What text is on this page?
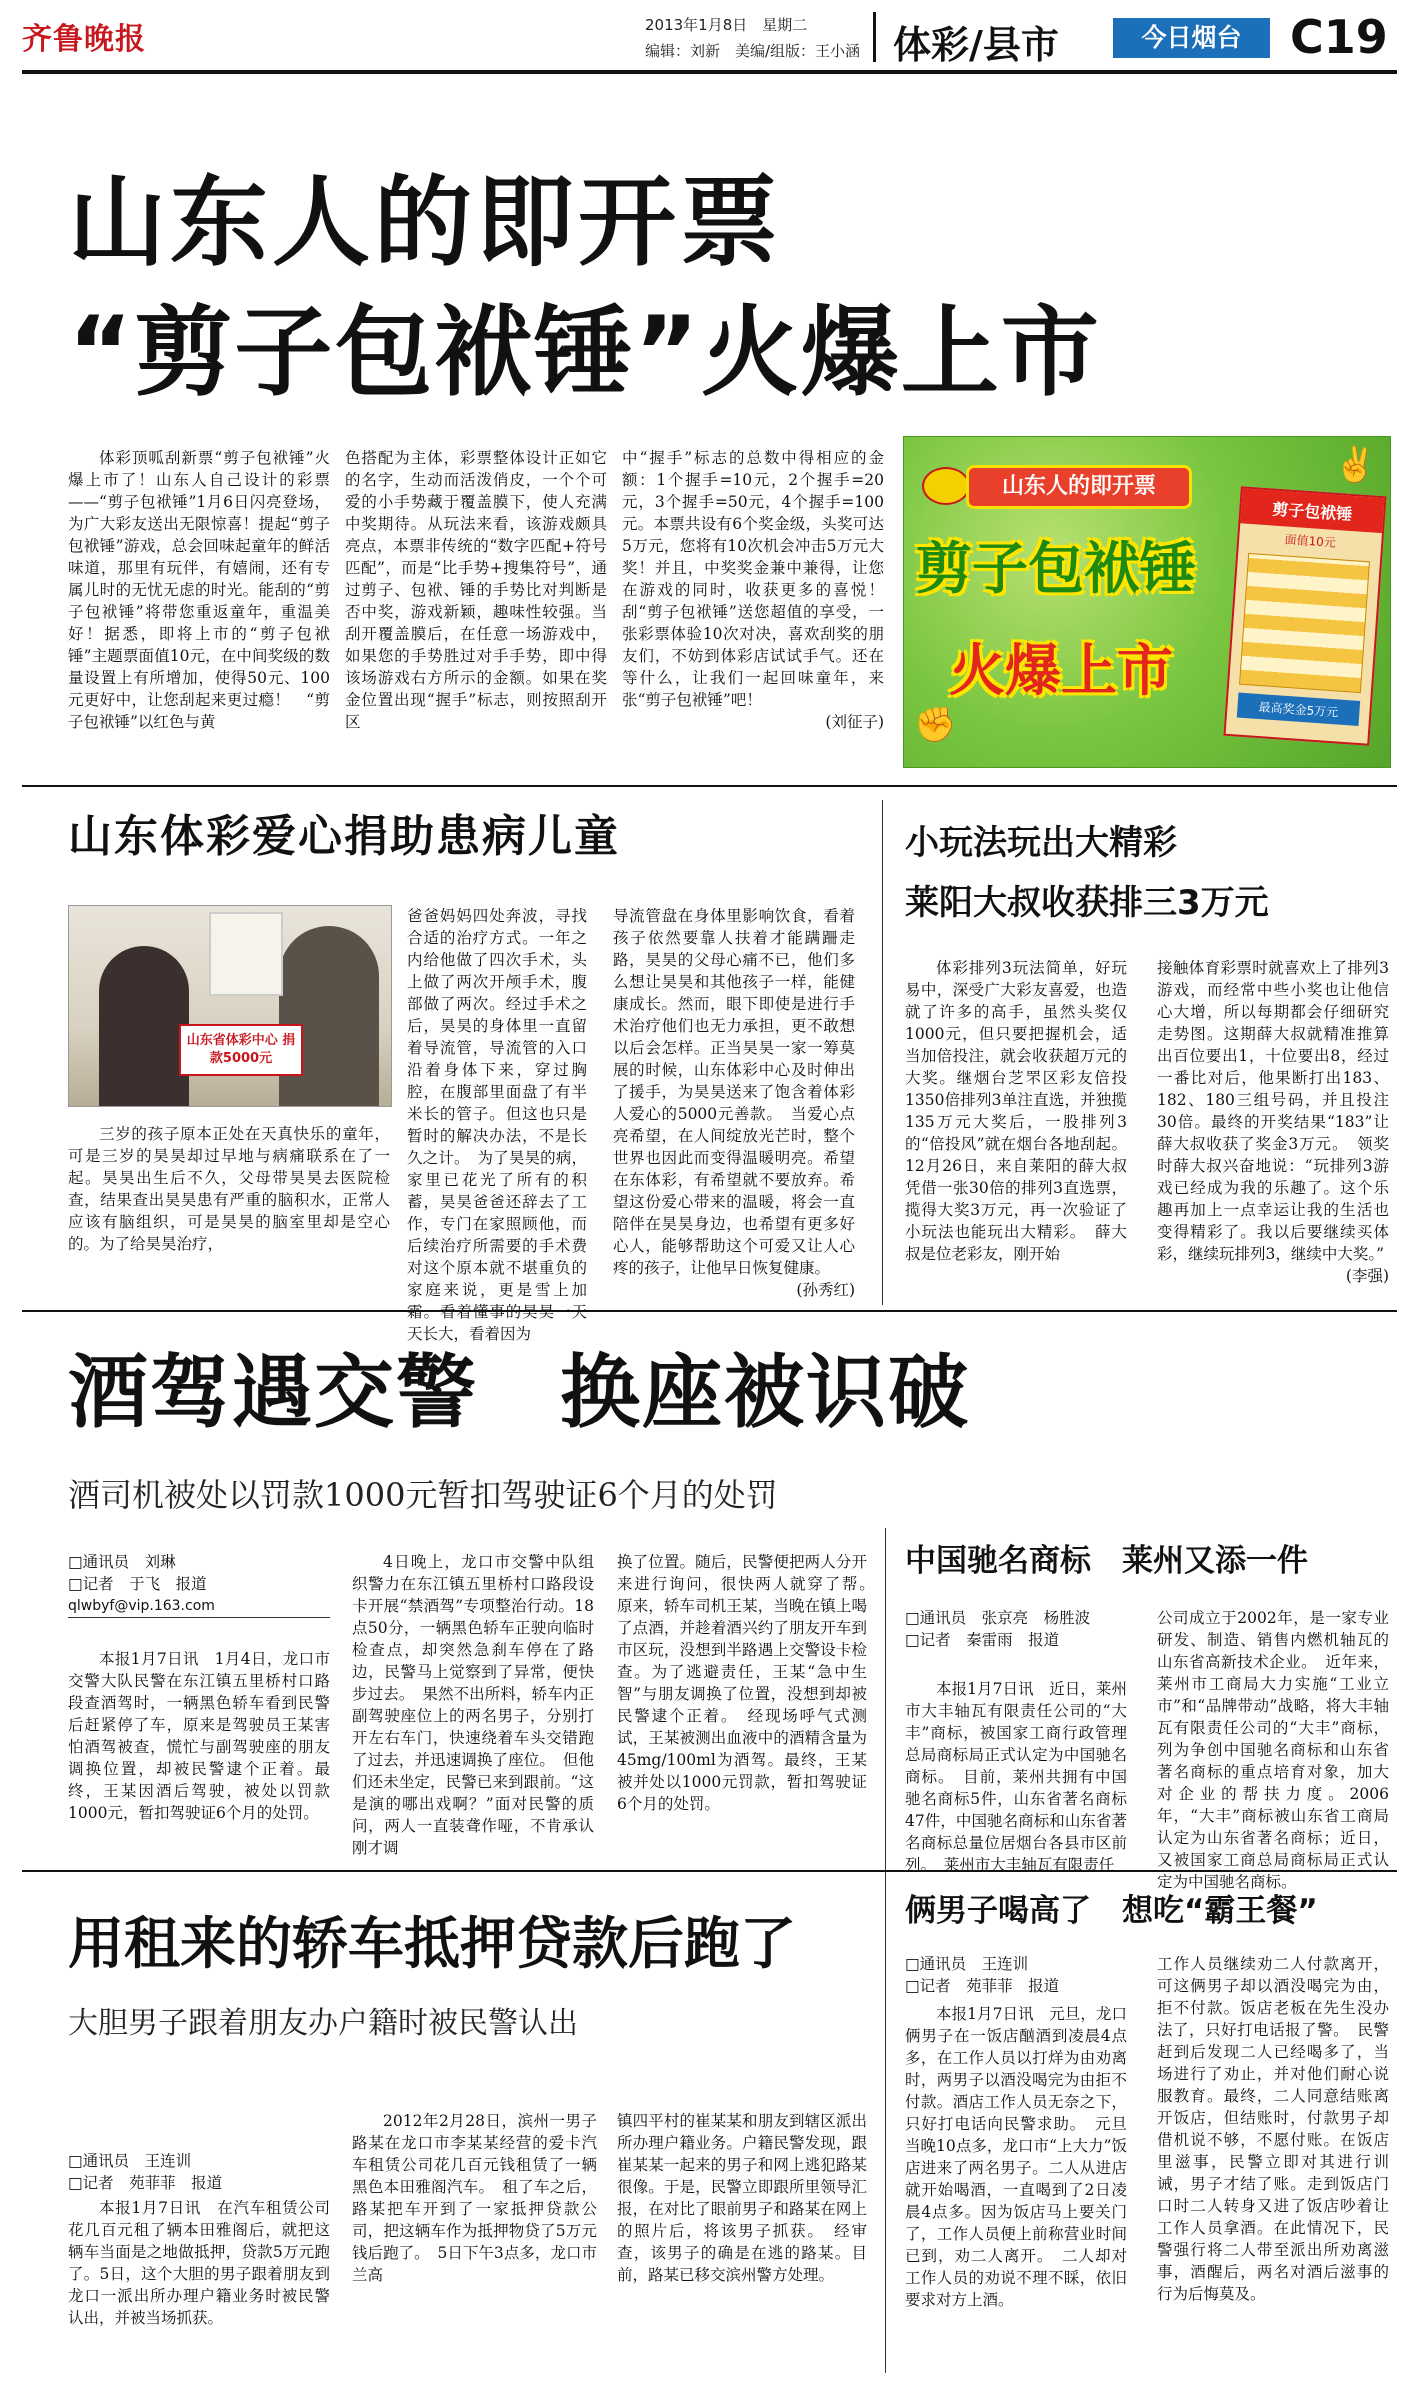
齐鲁晚报	2013年1月8日　星期二
编辑：刘新　美编/组版：王小涵 体彩/县市	今日烟台	C19
山东人的即开票
“剪子包袱锤”火爆上市
体彩顶呱刮新票“剪子包袱锤”火爆上市了！山东人自己设计的彩票——“剪子包袱锤”1月6日闪亮登场，为广大彩友送出无限惊喜！提起“剪子包袱锤”游戏，总会回味起童年的鲜活味道，那里有玩伴，有嬉闹，还有专属儿时的无忧无虑的时光。能刮的“剪子包袱锤”将带您重返童年，重温美好！据悉，即将上市的“剪子包袱锤”主题票面值10元，在中间奖级的数量设置上有所增加，使得50元、100元更好中，让您刮起来更过瘾！　“剪子包袱锤”以红色与黄
色搭配为主体，彩票整体设计正如它的名字，生动而活泼俏皮，一个个可爱的小手势藏于覆盖膜下，使人充满中奖期待。从玩法来看，该游戏颇具亮点，本票非传统的“数字匹配+符号匹配”，而是“比手势+搜集符号”，通过剪子、包袱、锤的手势比对判断是否中奖，游戏新颖，趣味性较强。当刮开覆盖膜后，在任意一场游戏中，如果您的手势胜过对手手势，即中得该场游戏右方所示的金额。如果在奖金位置出现“握手”标志，则按照刮开区
中“握手”标志的总数中得相应的金额：1个握手=10元，2个握手=20元，3个握手=50元，4个握手=100元。本票共设有6个奖金级，头奖可达5万元，您将有10次机会冲击5万元大奖！并且，中奖奖金兼中兼得，让您在游戏的同时，收获更多的喜悦！　刮“剪子包袱锤”送您超值的享受，一张彩票体验10次对决，喜欢刮奖的朋友们，不妨到体彩店试试手气。还在等什么，让我们一起回味童年，来张“剪子包袱锤”吧！
(刘征子)
山东人的即开票
剪子包袱锤
火爆上市
剪子包袱锤
面值10元
最高奖金5万元
✌
✊
山东体彩爱心捐助患病儿童
山东省体彩中心 捐款5000元
三岁的孩子原本正处在天真快乐的童年，可是三岁的昊昊却过早地与病痛联系在了一起。昊昊出生后不久，父母带昊昊去医院检查，结果查出昊昊患有严重的脑积水，正常人应该有脑组织，可是昊昊的脑室里却是空心的。为了给昊昊治疗，
爸爸妈妈四处奔波，寻找合适的治疗方式。一年之内给他做了四次手术，头上做了两次开颅手术，腹部做了两次。经过手术之后，昊昊的身体里一直留着导流管，导流管的入口沿着身体下来，穿过胸腔，在腹部里面盘了有半米长的管子。但这也只是暂时的解决办法，不是长久之计。　为了昊昊的病，家里已花光了所有的积蓄，昊昊爸爸还辞去了工作，专门在家照顾他，而后续治疗所需要的手术费对这个原本就不堪重负的家庭来说，更是雪上加霜。看着懂事的昊昊一天天长大，看着因为
导流管盘在身体里影响饮食，看着孩子依然要靠人扶着才能蹒跚走路，昊昊的父母心痛不已，他们多么想让昊昊和其他孩子一样，能健康成长。然而，眼下即使是进行手术治疗他们也无力承担，更不敢想以后会怎样。正当昊昊一家一筹莫展的时候，山东体彩中心及时伸出了援手，为昊昊送来了饱含着体彩人爱心的5000元善款。　当爱心点亮希望，在人间绽放光芒时，整个世界也因此而变得温暖明亮。希望在东体彩，有希望就不要放弃。希望这份爱心带来的温暖，将会一直陪伴在昊昊身边，也希望有更多好心人，能够帮助这个可爱又让人心疼的孩子，让他早日恢复健康。
(孙秀红)
小玩法玩出大精彩
莱阳大叔收获排三3万元
体彩排列3玩法简单，好玩易中，深受广大彩友喜爱，也造就了许多的高手，虽然头奖仅1000元，但只要把握机会，适当加倍投注，就会收获超万元的大奖。继烟台芝罘区彩友倍投1350倍排列3单注直选，并独揽135万元大奖后，一股排列3的“倍投风”就在烟台各地刮起。12月26日，来自莱阳的薛大叔凭借一张30倍的排列3直选票，揽得大奖3万元，再一次验证了小玩法也能玩出大精彩。　薛大叔是位老彩友，刚开始
接触体育彩票时就喜欢上了排列3游戏，而经常中些小奖也让他信心大增，所以每期都会仔细研究走势图。这期薛大叔就精准推算出百位要出1，十位要出8，经过一番比对后，他果断打出183、182、180三组号码，并且投注30倍。最终的开奖结果“183”让薛大叔收获了奖金3万元。　领奖时薛大叔兴奋地说：“玩排列3游戏已经成为我的乐趣了。这个乐趣再加上一点幸运让我的生活也变得精彩了。我以后要继续买体彩，继续玩排列3，继续中大奖。”
(李强)
酒驾遇交警　换座被识破
酒司机被处以罚款1000元暂扣驾驶证6个月的处罚

□通讯员　刘琳

□记者　于飞　报道

qlwbyf@vip.163.com

本报1月7日讯　1月4日，龙口市交警大队民警在东江镇五里桥村口路段查酒驾时，一辆黑色轿车看到民警后赶紧停了车，原来是驾驶员王某害怕酒驾被查，慌忙与副驾驶座的朋友调换位置，却被民警逮个正着。最终，王某因酒后驾驶，被处以罚款1000元，暂扣驾驶证6个月的处罚。
4日晚上，龙口市交警中队组织警力在东江镇五里桥村口路段设卡开展“禁酒驾”专项整治行动。18点50分，一辆黑色轿车正驶向临时检查点，却突然急刹车停在了路边，民警马上觉察到了异常，便快步过去。　果然不出所料，轿车内正副驾驶座位上的两名男子，分别打开左右车门，快速绕着车头交错跑了过去，并迅速调换了座位。　但他们还未坐定，民警已来到跟前。“这是演的哪出戏啊？”面对民警的质问，两人一直装聋作哑，不肯承认刚才调
换了位置。随后，民警便把两人分开来进行询问，很快两人就穿了帮。　原来，轿车司机王某，当晚在镇上喝了点酒，并趁着酒兴约了朋友开车到市区玩，没想到半路遇上交警设卡检查。为了逃避责任，王某“急中生智”与朋友调换了位置，没想到却被民警逮个正着。　经现场呼气式测试，王某被测出血液中的酒精含量为45mg/100ml为酒驾。最终，王某被并处以1000元罚款，暂扣驾驶证6个月的处罚。
中国驰名商标　莱州又添一件

□通讯员　张京亮　杨胜波

□记者　秦雷雨　报道

本报1月7日讯　近日，莱州市大丰轴瓦有限责任公司的“大丰”商标，被国家工商行政管理总局商标局正式认定为中国驰名商标。　目前，莱州共拥有中国驰名商标5件，山东省著名商标47件，中国驰名商标和山东省著名商标总量位居烟台各县市区前列。　莱州市大丰轴瓦有限责任
公司成立于2002年，是一家专业研发、制造、销售内燃机轴瓦的山东省高新技术企业。　近年来，莱州市工商局大力实施“工业立市”和“品牌带动”战略，将大丰轴瓦有限责任公司的“大丰”商标，列为争创中国驰名商标和山东省著名商标的重点培育对象，加大对企业的帮扶力度。2006年，“大丰”商标被山东省工商局认定为山东省著名商标；近日，又被国家工商总局商标局正式认定为中国驰名商标。
用租来的轿车抵押贷款后跑了
大胆男子跟着朋友办户籍时被民警认出

□通讯员　王连训

□记者　苑菲菲　报道

本报1月7日讯　在汽车租赁公司花几百元租了辆本田雅阁后，就把这辆车当面是之地做抵押，贷款5万元跑了。5日，这个大胆的男子跟着朋友到龙口一派出所办理户籍业务时被民警认出，并被当场抓获。
2012年2月28日，滨州一男子路某在龙口市李某某经营的爱卡汽车租赁公司花几百元钱租赁了一辆黑色本田雅阁汽车。　租了车之后，路某把车开到了一家抵押贷款公司，把这辆车作为抵押物贷了5万元钱后跑了。　5日下午3点多，龙口市兰高
镇四平村的崔某某和朋友到辖区派出所办理户籍业务。户籍民警发现，跟崔某某一起来的男子和网上逃犯路某很像。于是，民警立即跟所里领导汇报，在对比了眼前男子和路某在网上的照片后，将该男子抓获。　经审查，该男子的确是在逃的路某。目前，路某已移交滨州警方处理。
俩男子喝高了　想吃“霸王餐”

□通讯员　王连训

□记者　苑菲菲　报道

本报1月7日讯　元旦，龙口俩男子在一饭店酗酒到凌晨4点多，在工作人员以打烊为由劝离时，两男子以酒没喝完为由拒不付款。酒店工作人员无奈之下，只好打电话向民警求助。　元旦当晚10点多，龙口市“上大力”饭店进来了两名男子。二人从进店就开始喝酒，一直喝到了2日凌晨4点多。因为饭店马上要关门了，工作人员便上前称营业时间已到，劝二人离开。　二人却对工作人员的劝说不理不睬，依旧要求对方上酒。
工作人员继续劝二人付款离开，可这俩男子却以酒没喝完为由，拒不付款。饭店老板在先生没办法了，只好打电话报了警。　民警赶到后发现二人已经喝多了，当场进行了劝止，并对他们耐心说服教育。最终，二人同意结账离开饭店，但结账时，付款男子却借机说不够，不愿付账。在饭店里滋事，民警立即对其进行训诫，男子才结了账。走到饭店门口时二人转身又进了饭店吵着让工作人员拿酒。在此情况下，民警强行将二人带至派出所劝离滋事，酒醒后，两名对酒后滋事的行为后悔莫及。
